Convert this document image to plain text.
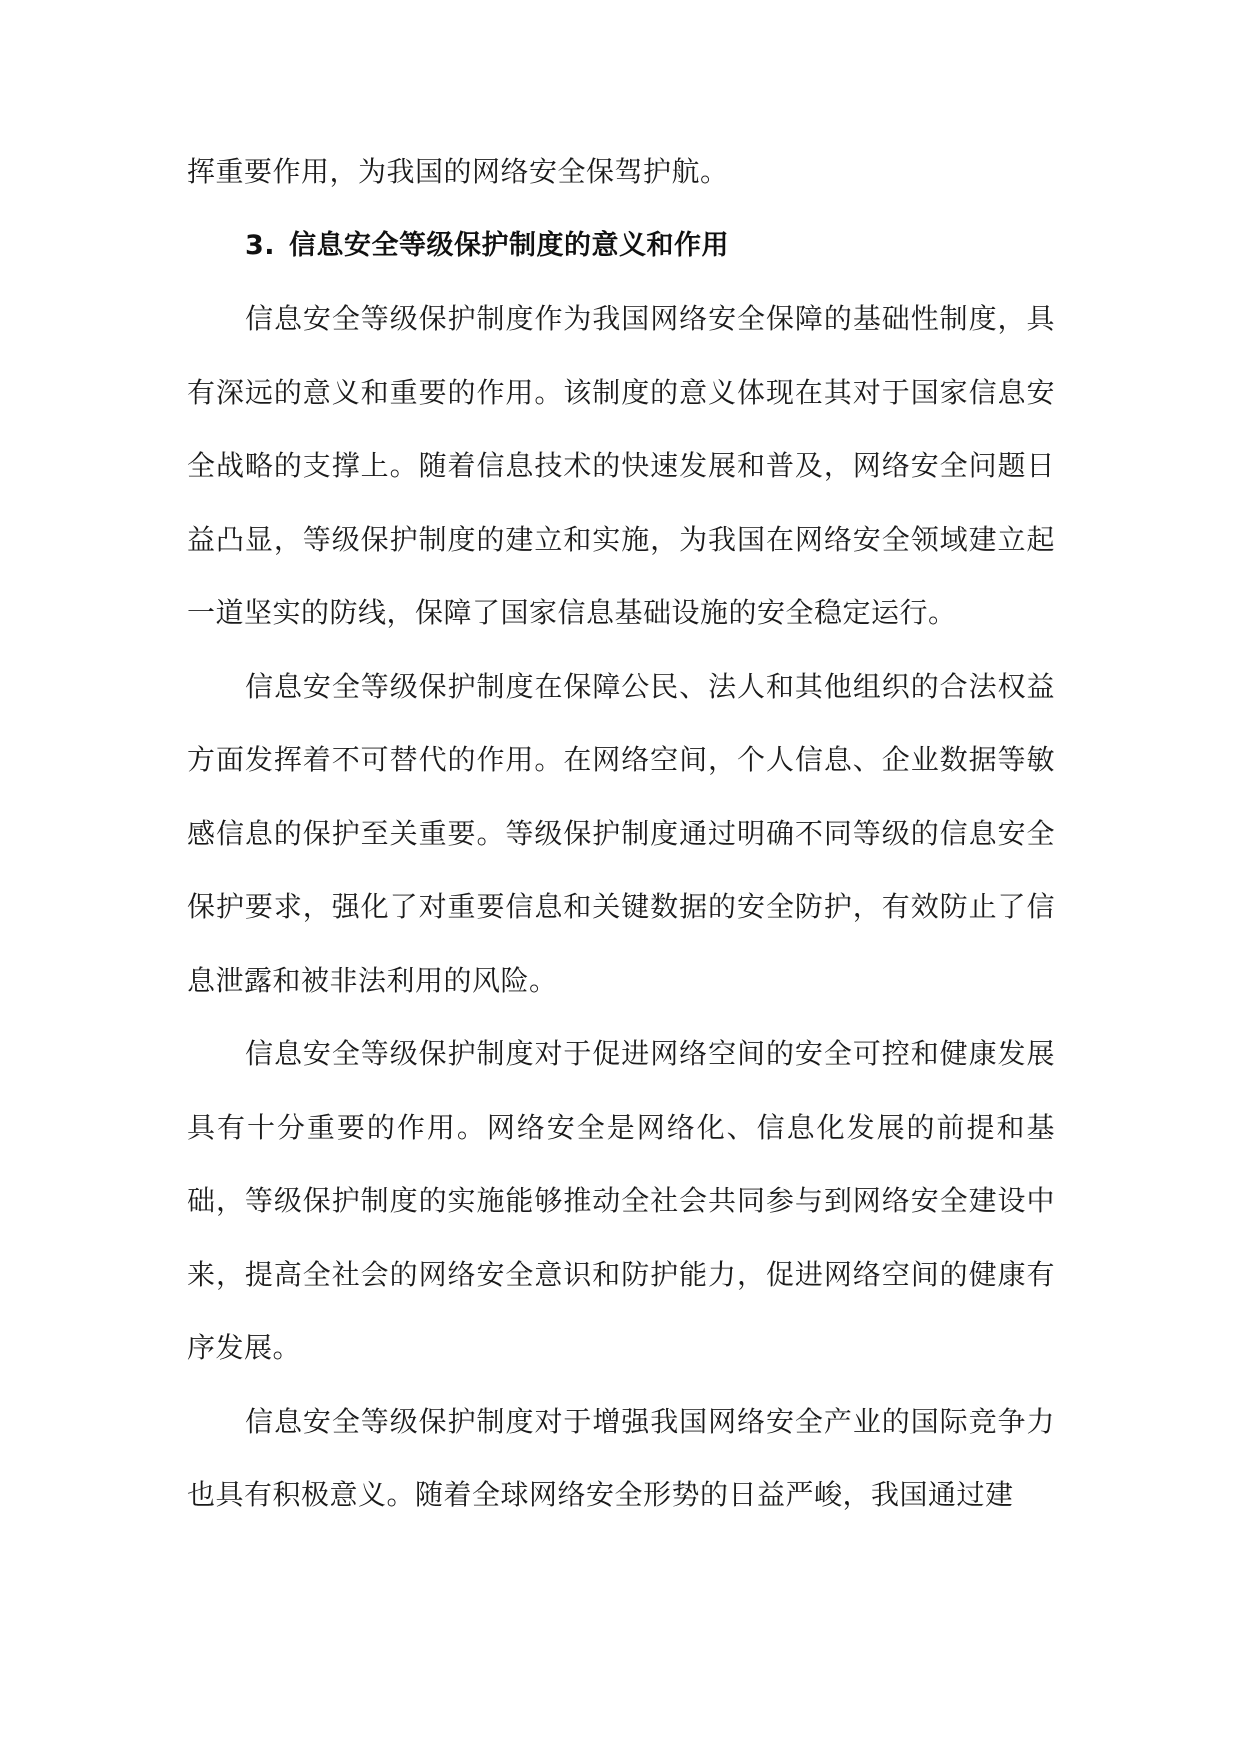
挥重要作用，为我国的网络安全保驾护航。

3. 信息安全等级保护制度的意义和作用

信息安全等级保护制度作为我国网络安全保障的基础性制度，具有深远的意义和重要的作用。该制度的意义体现在其对于国家信息安全战略的支撑上。随着信息技术的快速发展和普及，网络安全问题日益凸显，等级保护制度的建立和实施，为我国在网络安全领域建立起一道坚实的防线，保障了国家信息基础设施的安全稳定运行。

信息安全等级保护制度在保障公民、法人和其他组织的合法权益方面发挥着不可替代的作用。在网络空间，个人信息、企业数据等敏感信息的保护至关重要。等级保护制度通过明确不同等级的信息安全保护要求，强化了对重要信息和关键数据的安全防护，有效防止了信息泄露和被非法利用的风险。

信息安全等级保护制度对于促进网络空间的安全可控和健康发展具有十分重要的作用。网络安全是网络化、信息化发展的前提和基础，等级保护制度的实施能够推动全社会共同参与到网络安全建设中来，提高全社会的网络安全意识和防护能力，促进网络空间的健康有序发展。

信息安全等级保护制度对于增强我国网络安全产业的国际竞争力也具有积极意义。随着全球网络安全形势的日益严峻，我国通过建
